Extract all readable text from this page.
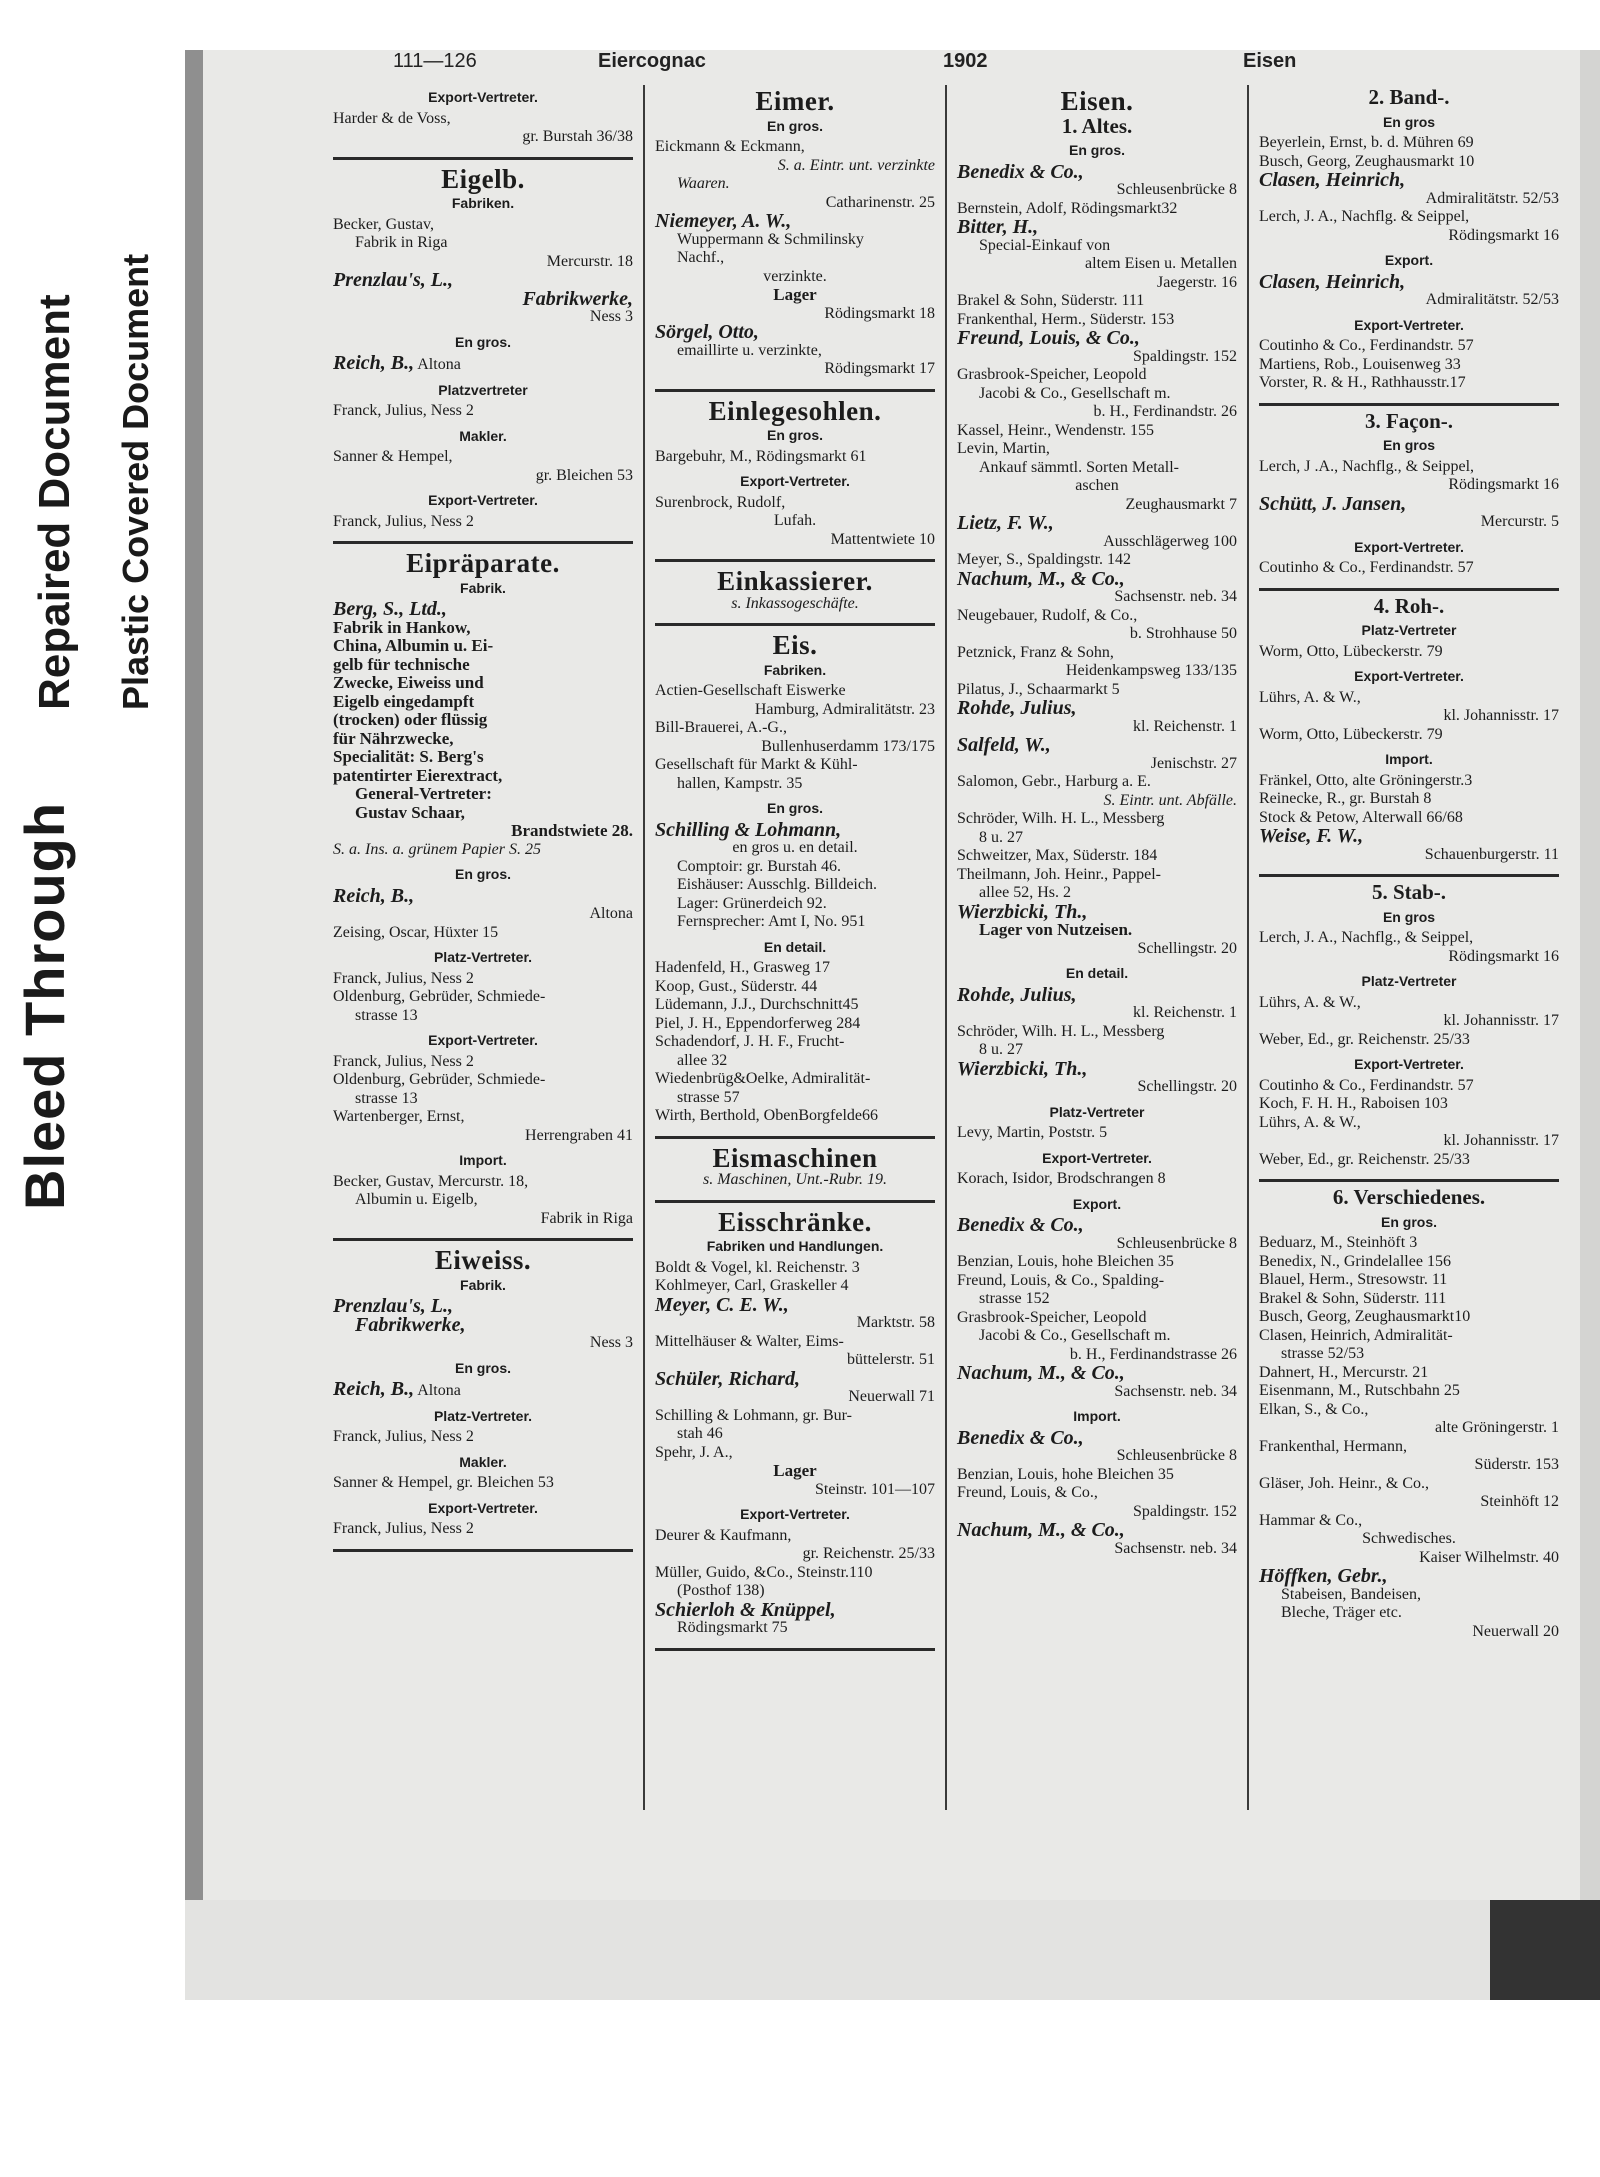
Bleed Through
Repaired Document Plastic Covered Document
111—126	Eiercognac	1902	Eisen
Export-Vertreter.
Harder & de Voss,
gr. Burstah 36/38
Eigelb.
Fabriken.
Becker, Gustav,
Fabrik in Riga
Mercurstr. 18
Prenzlau's, L.,
Fabrikwerke,
Ness 3
En gros.
Reich, B., Altona
Platzvertreter
Franck, Julius, Ness 2
Makler.
Sanner & Hempel,
gr. Bleichen 53
Export-Vertreter.
Franck, Julius, Ness 2
Eipräparate.
Fabrik.
Berg, S., Ltd.,
Fabrik in Hankow,
China, Albumin u. Ei-
gelb für technische
Zwecke, Eiweiss und
Eigelb eingedampft
(trocken) oder flüssig
für Nährzwecke,
Specialität: S. Berg's
patentirter Eierextract,
General-Vertreter:
Gustav Schaar,
Brandstwiete 28.
S. a. Ins. a. grünem Papier S. 25
En gros.
Reich, B.,
Altona
Zeising, Oscar, Hüxter 15
Platz-Vertreter.
Franck, Julius, Ness 2
Oldenburg, Gebrüder, Schmiede-
strasse 13
Export-Vertreter.
Franck, Julius, Ness 2
Oldenburg, Gebrüder, Schmiede-
strasse 13
Wartenberger, Ernst,
Herrengraben 41
Import.
Becker, Gustav, Mercurstr. 18,
Albumin u. Eigelb,
Fabrik in Riga
Eiweiss.
Fabrik.
Prenzlau's, L.,
Fabrikwerke,
Ness 3
En gros.
Reich, B., Altona
Platz-Vertreter.
Franck, Julius, Ness 2
Makler.
Sanner & Hempel, gr. Bleichen 53
Export-Vertreter.
Franck, Julius, Ness 2
Eimer.
En gros.
Eickmann & Eckmann,
S. a. Eintr. unt. verzinkte
Waaren.
Catharinenstr. 25
Niemeyer, A. W.,
Wuppermann & Schmilinsky
Nachf.,
verzinkte.
Lager
Rödingsmarkt 18
Sörgel, Otto,
emaillirte u. verzinkte,
Rödingsmarkt 17
Einlegesohlen.
En gros.
Bargebuhr, M., Rödingsmarkt 61
Export-Vertreter.
Surenbrock, Rudolf,
Lufah.
Mattentwiete 10
Einkassierer.
s. Inkassogeschäfte.
Eis.
Fabriken.
Actien-Gesellschaft Eiswerke
Hamburg, Admiralitätstr. 23
Bill-Brauerei, A.-G.,
Bullenhuserdamm 173/175
Gesellschaft für Markt & Kühl-
hallen, Kampstr. 35
En gros.
Schilling & Lohmann,
en gros u. en detail.
Comptoir: gr. Burstah 46.
Eishäuser: Ausschlg. Billdeich.
Lager: Grünerdeich 92.
Fernsprecher: Amt I, No. 951
En detail.
Hadenfeld, H., Grasweg 17
Koop, Gust., Süderstr. 44
Lüdemann, J.J., Durchschnitt45
Piel, J. H., Eppendorferweg 284
Schadendorf, J. H. F., Frucht-
allee 32
Wiedenbrüg&Oelke, Admiralität-
strasse 57
Wirth, Berthold, ObenBorgfelde66
Eismaschinen
s. Maschinen, Unt.-Rubr. 19.
Eisschränke.
Fabriken und Handlungen.
Boldt & Vogel, kl. Reichenstr. 3
Kohlmeyer, Carl, Graskeller 4
Meyer, C. E. W.,
Marktstr. 58
Mittelhäuser & Walter, Eims-
büttelerstr. 51
Schüler, Richard,
Neuerwall 71
Schilling & Lohmann, gr. Bur-
stah 46
Spehr, J. A.,
Lager
Steinstr. 101—107
Export-Vertreter.
Deurer & Kaufmann,
gr. Reichenstr. 25/33
Müller, Guido, &Co., Steinstr.110
(Posthof 138)
Schierloh & Knüppel,
Rödingsmarkt 75
Eisen.
1. Altes.
En gros.
Benedix & Co.,
Schleusenbrücke 8
Bernstein, Adolf, Rödingsmarkt32
Bitter, H.,
Special-Einkauf von
altem Eisen u. Metallen
Jaegerstr. 16
Brakel & Sohn, Süderstr. 111
Frankenthal, Herm., Süderstr. 153
Freund, Louis, & Co.,
Spaldingstr. 152
Grasbrook-Speicher, Leopold
Jacobi & Co., Gesellschaft m.
b. H., Ferdinandstr. 26
Kassel, Heinr., Wendenstr. 155
Levin, Martin,
Ankauf sämmtl. Sorten Metall-
aschen
Zeughausmarkt 7
Lietz, F. W.,
Ausschlägerweg 100
Meyer, S., Spaldingstr. 142
Nachum, M., & Co.,
Sachsenstr. neb. 34
Neugebauer, Rudolf, & Co.,
b. Strohhause 50
Petznick, Franz & Sohn,
Heidenkampsweg 133/135
Pilatus, J., Schaarmarkt 5
Rohde, Julius,
kl. Reichenstr. 1
Salfeld, W.,
Jenischstr. 27
Salomon, Gebr., Harburg a. E.
S. Eintr. unt. Abfälle.
Schröder, Wilh. H. L., Messberg
8 u. 27
Schweitzer, Max, Süderstr. 184
Theilmann, Joh. Heinr., Pappel-
allee 52, Hs. 2
Wierzbicki, Th.,
Lager von Nutzeisen.
Schellingstr. 20
En detail.
Rohde, Julius,
kl. Reichenstr. 1
Schröder, Wilh. H. L., Messberg
8 u. 27
Wierzbicki, Th.,
Schellingstr. 20
Platz-Vertreter
Levy, Martin, Poststr. 5
Export-Vertreter.
Korach, Isidor, Brodschrangen 8
Export.
Benedix & Co.,
Schleusenbrücke 8
Benzian, Louis, hohe Bleichen 35
Freund, Louis, & Co., Spalding-
strasse 152
Grasbrook-Speicher, Leopold
Jacobi & Co., Gesellschaft m.
b. H., Ferdinandstrasse 26
Nachum, M., & Co.,
Sachsenstr. neb. 34
Import.
Benedix & Co.,
Schleusenbrücke 8
Benzian, Louis, hohe Bleichen 35
Freund, Louis, & Co.,
Spaldingstr. 152
Nachum, M., & Co.,
Sachsenstr. neb. 34
2. Band-.
En gros
Beyerlein, Ernst, b. d. Mühren 69
Busch, Georg, Zeughausmarkt 10
Clasen, Heinrich,
Admiralitätstr. 52/53
Lerch, J. A., Nachflg. & Seippel,
Rödingsmarkt 16
Export.
Clasen, Heinrich,
Admiralitätstr. 52/53
Export-Vertreter.
Coutinho & Co., Ferdinandstr. 57
Martiens, Rob., Louisenweg 33
Vorster, R. & H., Rathhausstr.17
3. Façon-.
En gros
Lerch, J .A., Nachflg., & Seippel,
Rödingsmarkt 16
Schütt, J. Jansen,
Mercurstr. 5
Export-Vertreter.
Coutinho & Co., Ferdinandstr. 57
4. Roh-.
Platz-Vertreter
Worm, Otto, Lübeckerstr. 79
Export-Vertreter.
Lührs, A. & W.,
kl. Johannisstr. 17
Worm, Otto, Lübeckerstr. 79
Import.
Fränkel, Otto, alte Gröningerstr.3
Reinecke, R., gr. Burstah 8
Stock & Petow, Alterwall 66/68
Weise, F. W.,
Schauenburgerstr. 11
5. Stab-.
En gros
Lerch, J. A., Nachflg., & Seippel,
Rödingsmarkt 16
Platz-Vertreter
Lührs, A. & W.,
kl. Johannisstr. 17
Weber, Ed., gr. Reichenstr. 25/33
Export-Vertreter.
Coutinho & Co., Ferdinandstr. 57
Koch, F. H. H., Raboisen 103
Lührs, A. & W.,
kl. Johannisstr. 17
Weber, Ed., gr. Reichenstr. 25/33
6. Verschiedenes.
En gros.
Beduarz, M., Steinhöft 3
Benedix, N., Grindelallee 156
Blauel, Herm., Stresowstr. 11
Brakel & Sohn, Süderstr. 111
Busch, Georg, Zeughausmarkt10
Clasen, Heinrich, Admiralität-
strasse 52/53
Dahnert, H., Mercurstr. 21
Eisenmann, M., Rutschbahn 25
Elkan, S., & Co.,
alte Gröningerstr. 1
Frankenthal, Hermann,
Süderstr. 153
Gläser, Joh. Heinr., & Co.,
Steinhöft 12
Hammar & Co.,
Schwedisches.
Kaiser Wilhelmstr. 40
Höffken, Gebr.,
Stabeisen, Bandeisen,
Bleche, Träger etc.
Neuerwall 20
